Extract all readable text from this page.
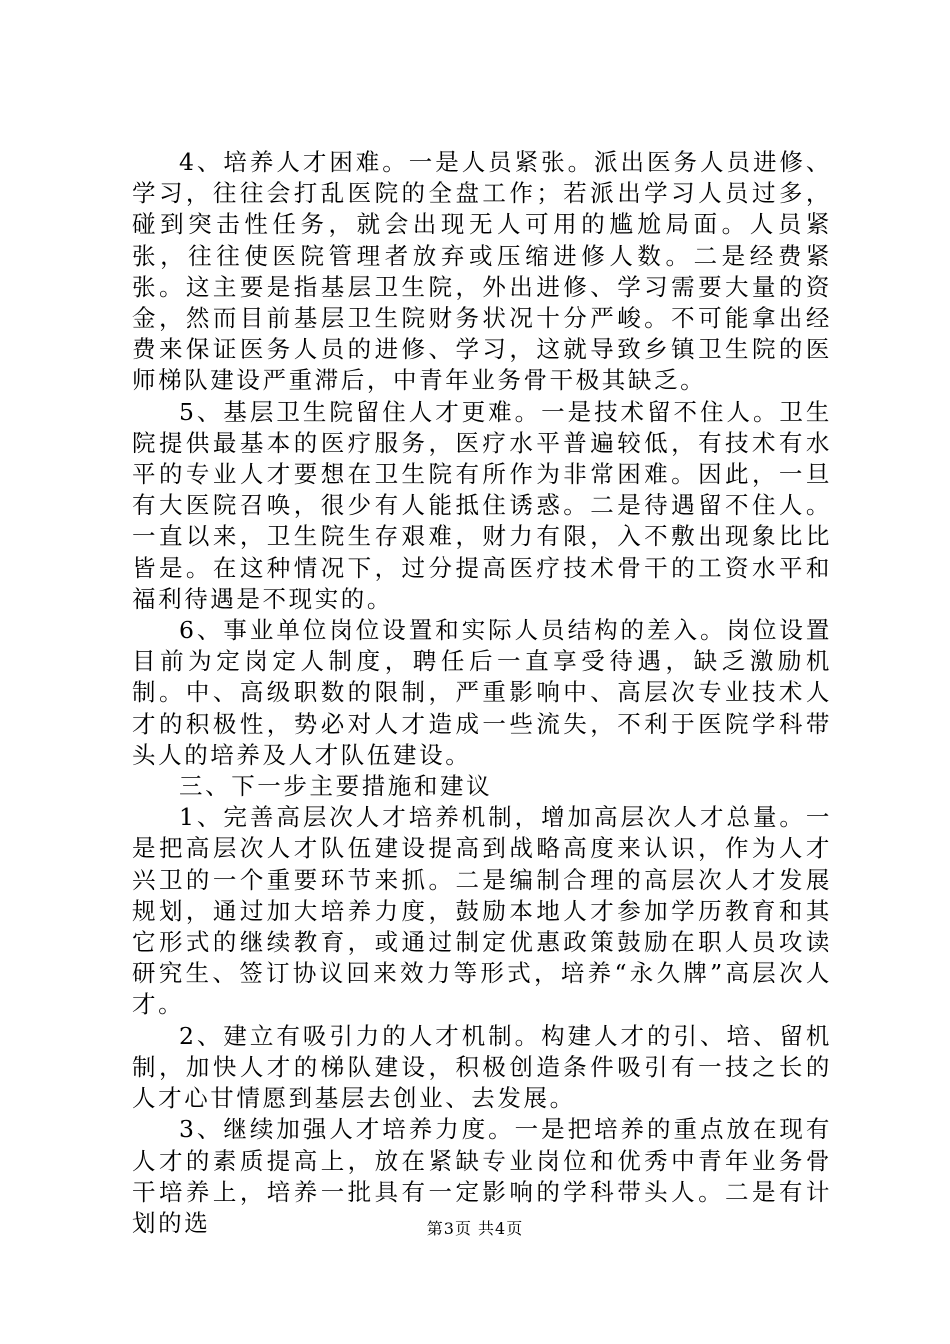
4、培养人才困难。一是人员紧张。派出医务人员进修、学习，往往会打乱医院的全盘工作；若派出学习人员过多，碰到突击性任务，就会出现无人可用的尴尬局面。人员紧张，往往使医院管理者放弃或压缩进修人数。二是经费紧张。这主要是指基层卫生院，外出进修、学习需要大量的资金，然而目前基层卫生院财务状况十分严峻。不可能拿出经费来保证医务人员的进修、学习，这就导致乡镇卫生院的医师梯队建设严重滞后，中青年业务骨干极其缺乏。

5、基层卫生院留住人才更难。一是技术留不住人。卫生院提供最基本的医疗服务，医疗水平普遍较低，有技术有水平的专业人才要想在卫生院有所作为非常困难。因此，一旦有大医院召唤，很少有人能抵住诱惑。二是待遇留不住人。一直以来，卫生院生存艰难，财力有限，入不敷出现象比比皆是。在这种情况下，过分提高医疗技术骨干的工资水平和福利待遇是不现实的。

6、事业单位岗位设置和实际人员结构的差入。岗位设置目前为定岗定人制度，聘任后一直享受待遇，缺乏激励机制。中、高级职数的限制，严重影响中、高层次专业技术人才的积极性，势必对人才造成一些流失，不利于医院学科带头人的培养及人才队伍建设。

三、下一步主要措施和建议

1、完善高层次人才培养机制，增加高层次人才总量。一是把高层次人才队伍建设提高到战略高度来认识，作为人才兴卫的一个重要环节来抓。二是编制合理的高层次人才发展规划，通过加大培养力度，鼓励本地人才参加学历教育和其它形式的继续教育，或通过制定优惠政策鼓励在职人员攻读研究生、签订协议回来效力等形式，培养“永久牌”高层次人才。

2、建立有吸引力的人才机制。构建人才的引、培、留机制，加快人才的梯队建设，积极创造条件吸引有一技之长的人才心甘情愿到基层去创业、去发展。

3、继续加强人才培养力度。一是把培养的重点放在现有人才的素质提高上，放在紧缺专业岗位和优秀中青年业务骨干培养上，培养一批具有一定影响的学科带头人。二是有计划的选	第3页 共4页
